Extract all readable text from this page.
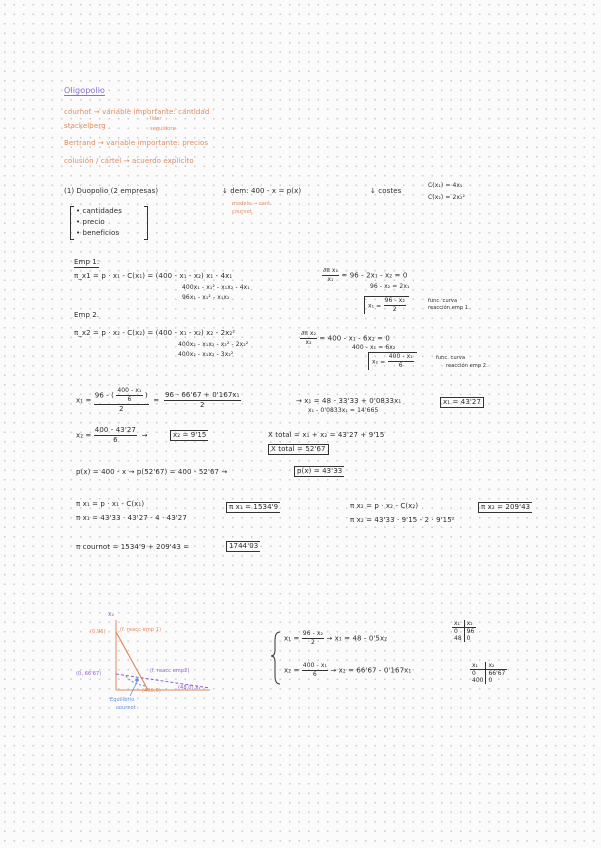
Oligopolio
cournot → variable importante: cantidad
stackelberg
líder
seguidora
Bertrand → variable importante: precios
colusión / cártel → acuerdo explícito
(1) Duopolio (2 empresas)	↓ dem: 400 - x = p(x)
modelo → cant
cournot
↓ costes
C(x₁) = 4x₁
C(x₂) = 2x₂²
• cantidades
• precio
• beneficios
Emp 1:
π_x1 = p · x₁ - C(x₁) = (400 - x₁ - x₂) x₁ - 4x₁
400x₁ - x₁² - x₁x₂ - 4x₁
96x₁ - x₁² - x₁x₂
$\frac{\text{∂π x₁}}{\text{x₁}} = 96 - 2x_1 - x_2 = 0$
96 - x₂ = 2x₁
$x_1 = \frac{\text{96 - x₂}}{2}$	func. curva
reacción emp 1.
Emp 2.
π_x2 = p · x₂ - C(x₂) = (400 - x₁ - x₂) x₂ - 2x₂²
400x₂ - x₁x₂ - x₂² - 2x₂²
400x₂ - x₁x₂ - 3x₂²
$\frac{\text{∂π x₂}}{\text{x₂}} = 400 - x_1 - 6x_2 = 0$
400 - x₁ = 6x₂
$x_2 = \frac{\text{400 - x₁}}{6}$	func. curva
reacción emp 2.
$x_1 = \frac{96 - ( \frac{\text{400 - x₁}}{6} )}{2} = \frac{\text{96 - 66'67 + 0'167x₁}}{2}$	→ x₁ = 48 - 33'33 + 0'0833x₁
x₁ - 0'0833x₁ = 14'665
x₁ = 43'27
$x_2 = \frac{400 - 43'27}{6}$ →	x₂ = 9'15	X total = x₁ + x₂ = 43'27 + 9'15
X total = 52'67
p(x) = 400 - x → p(52'67) = 400 - 52'67 →	p(x) = 43'33
π x₁ = p · x₁ - C(x₁)
π x₁ = 43'33 · 43'27 - 4 · 43'27
π x₁ = 1534'9	π x₂ = p · x₂ - C(x₂)
π x₂ = 43'33 · 9'15 - 2 · 9'15²
π x₂ = 209'43
π cournot = 1534'9 + 209'43 =	1744'03
x₂
(0,96)	(f. reacc emp 1)
(0, 66'67)	(f. reacc emp2)
(400,0)	(48,0) x₁
Equilibrio
cournot
$x_1 = \frac{\text{96 - x₂}}{2} \to x_1 = 48 - 0'5x_2$
$x_2 = \frac{\text{400 - x₁}}{6} \to x_2 = 66'67 - 0'167x_1$
x₁	x₂
0	96
48	0
x₁	x₂
0	66'67
400	0
